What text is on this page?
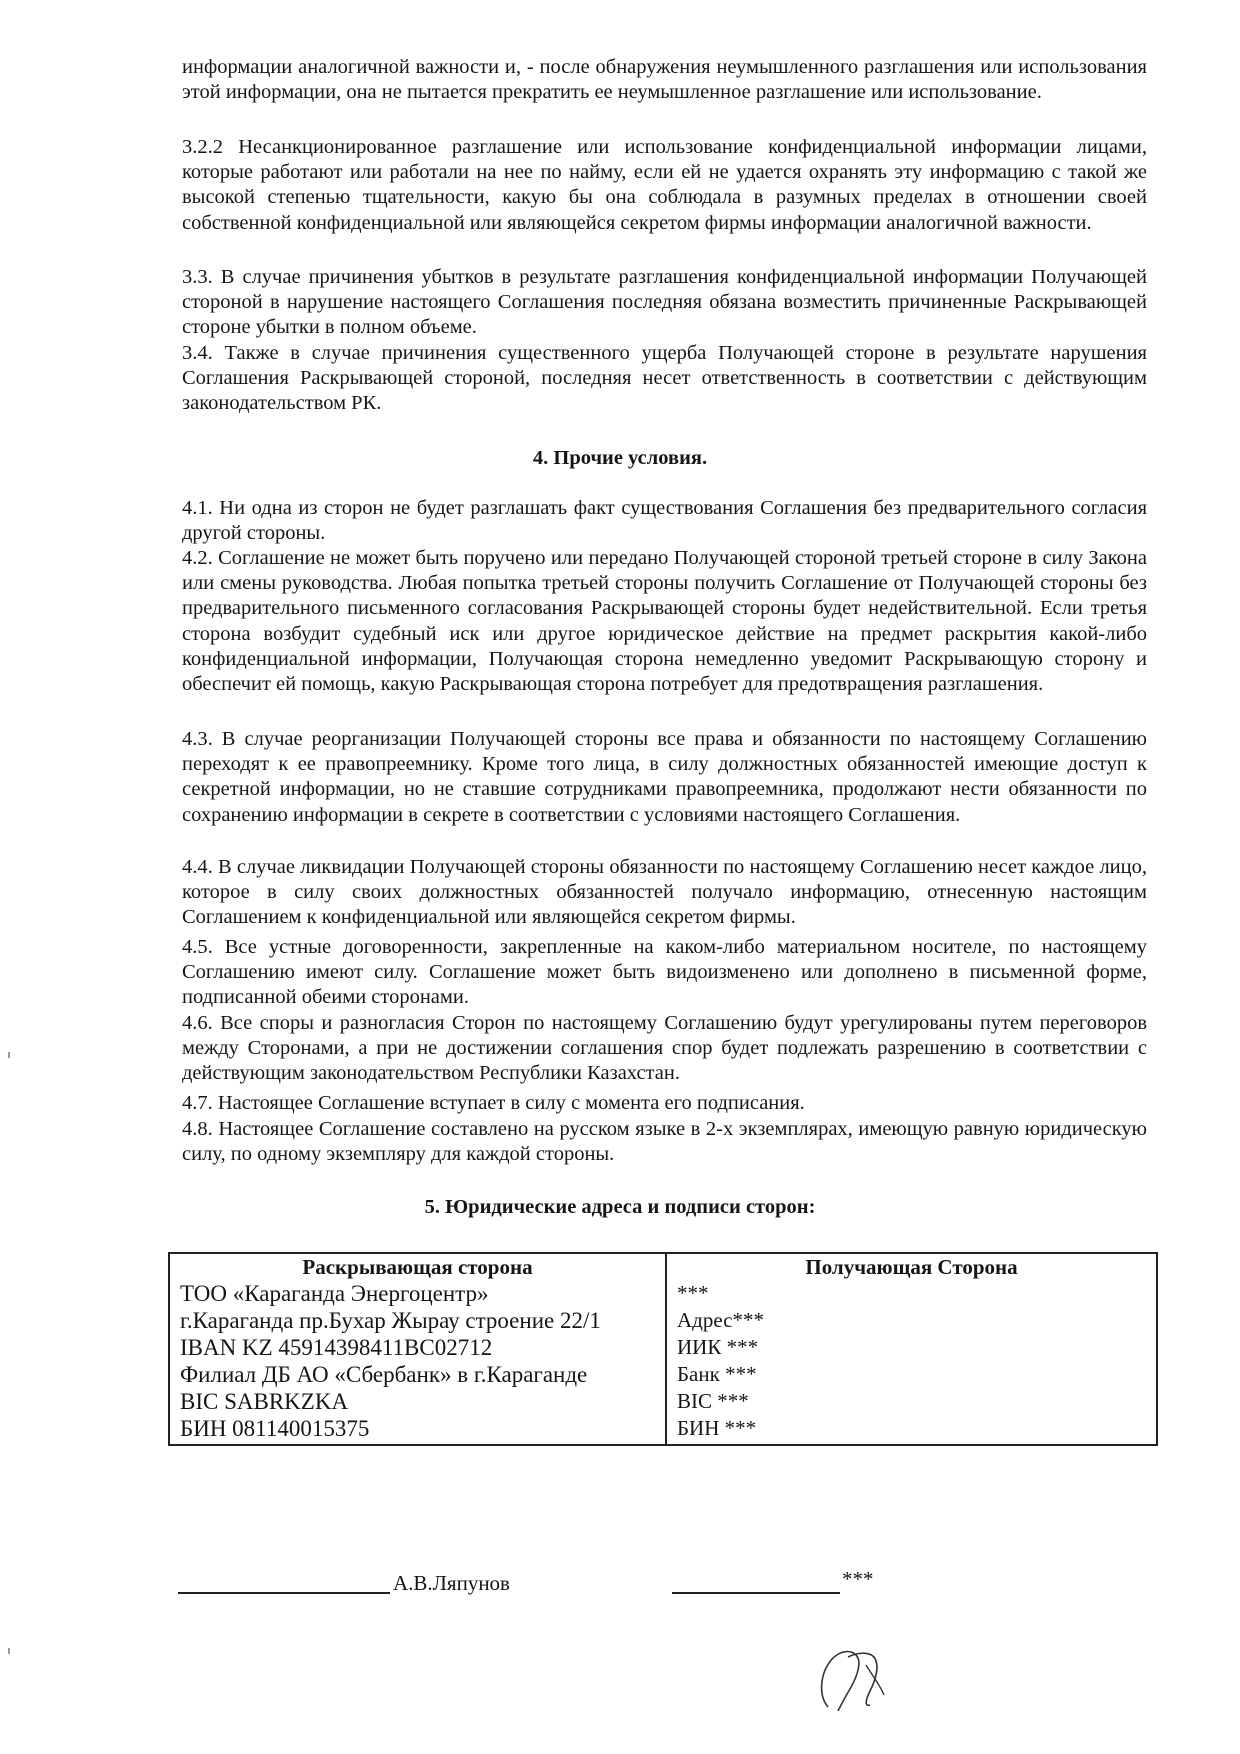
информации аналогичной важности и, - после обнаружения неумышленного разглашения или использования этой информации, она не пытается прекратить ее неумышленное разглашение или использование.

3.2.2 Несанкционированное разглашение или использование конфиденциальной информации лицами, которые работают или работали на нее по найму, если ей не удается охранять эту информацию с такой же высокой степенью тщательности, какую бы она соблюдала в разумных пределах в отношении своей собственной конфиденциальной или являющейся секретом фирмы информации аналогичной важности.

3.3. В случае причинения убытков в результате разглашения конфиденциальной информации Получающей стороной в нарушение настоящего Соглашения последняя обязана возместить причиненные Раскрывающей стороне убытки в полном объеме.

3.4. Также в случае причинения существенного ущерба Получающей стороне в результате нарушения Соглашения Раскрывающей стороной, последняя несет ответственность в соответствии с действующим законодательством РК.

4. Прочие условия.

4.1. Ни одна из сторон не будет разглашать факт существования Соглашения без предварительного согласия другой стороны.

4.2. Соглашение не может быть поручено или передано Получающей стороной третьей стороне в силу Закона или смены руководства. Любая попытка третьей стороны получить Соглашение от Получающей стороны без предварительного письменного согласования Раскрывающей стороны будет недействительной. Если третья сторона возбудит судебный иск или другое юридическое действие на предмет раскрытия какой-либо конфиденциальной информации, Получающая сторона немедленно уведомит Раскрывающую сторону и обеспечит ей помощь, какую Раскрывающая сторона потребует для предотвращения разглашения.

4.3. В случае реорганизации Получающей стороны все права и обязанности по настоящему Соглашению переходят к ее правопреемнику. Кроме того лица, в силу должностных обязанностей имеющие доступ к секретной информации, но не ставшие сотрудниками правопреемника, продолжают нести обязанности по сохранению информации в секрете в соответствии с условиями настоящего Соглашения.

4.4. В случае ликвидации Получающей стороны обязанности по настоящему Соглашению несет каждое лицо, которое в силу своих должностных обязанностей получало информацию, отнесенную настоящим Соглашением к конфиденциальной или являющейся секретом фирмы.

4.5. Все устные договоренности, закрепленные на каком-либо материальном носителе, по настоящему Соглашению имеют силу. Соглашение может быть видоизменено или дополнено в письменной форме, подписанной обеими сторонами.

4.6. Все споры и разногласия Сторон по настоящему Соглашению будут урегулированы путем переговоров между Сторонами, а при не достижении соглашения спор будет подлежать разрешению в соответствии с действующим законодательством Республики Казахстан.

4.7. Настоящее Соглашение вступает в силу с момента его подписания.

4.8. Настоящее Соглашение составлено на русском языке в 2-х экземплярах, имеющую равную юридическую силу, по одному экземпляру для каждой стороны.

5. Юридические адреса и подписи сторон:

Раскрывающая сторона	Получающая Сторона
ТОО «Караганда Энергоцентр»	***
г.Караганда пр.Бухар Жырау строение 22/1	Адрес***
IBAN KZ 45914398411BC02712	ИИК ***
Филиал ДБ АО «Сбербанк» в г.Караганде	Банк ***
BIC SABRKZKA	BIC ***
БИН 081140015375	БИН ***
А.В.Ляпунов	***
